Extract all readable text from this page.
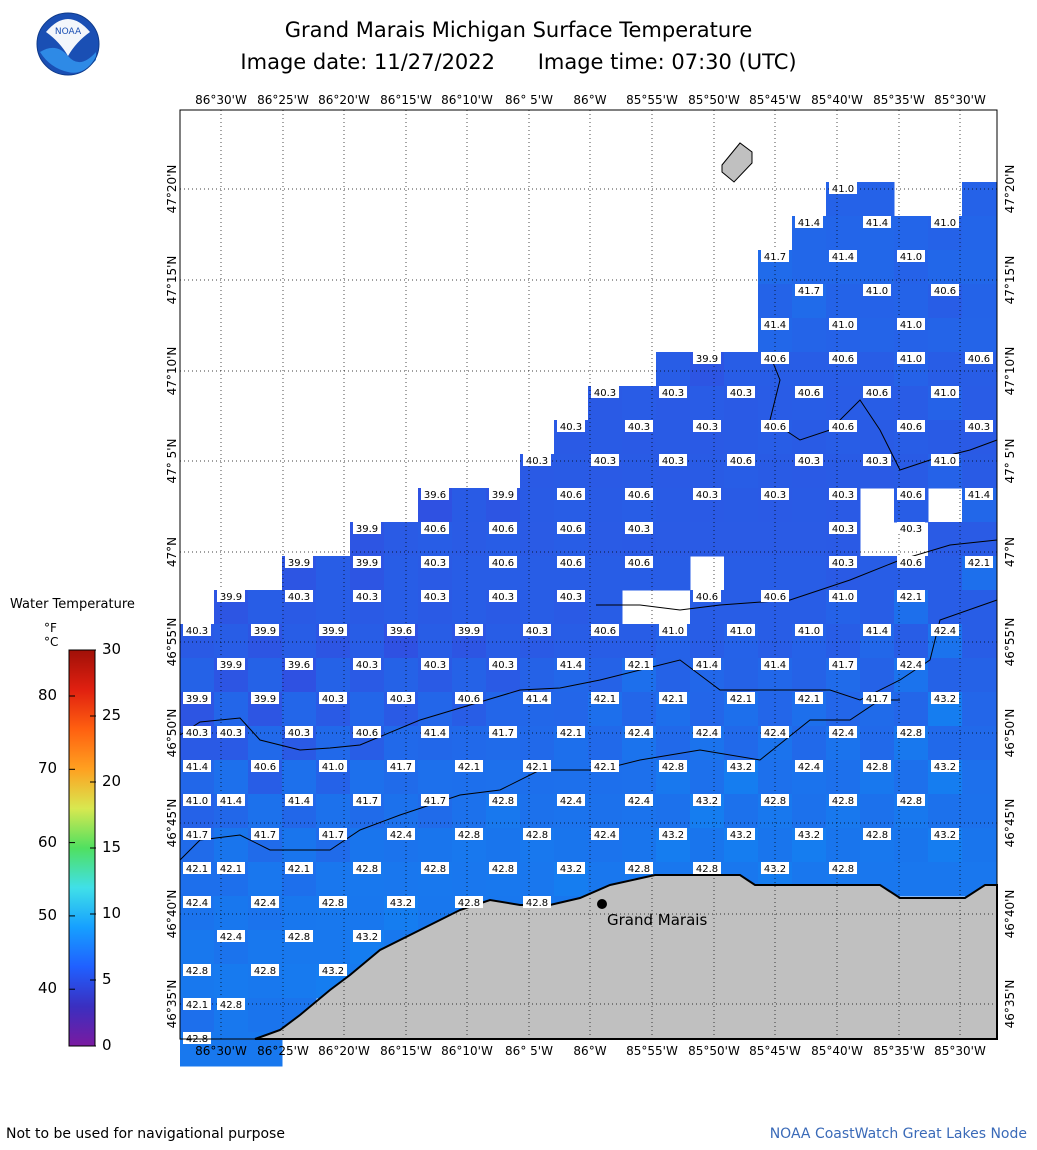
Grand Marais Michigan Surface Temperature
Image date: 11/27/2022 Image time: 07:30 (UTC)
NOAA
41.0
41.4	41.4	41.0
41.7	41.4	41.0
41.7	41.0	40.6
41.4	41.0	41.0
39.9	40.6	40.6	41.0	40.6
40.3	40.3	40.3	40.6	40.6	41.0
40.3	40.3	40.3	40.6	40.6	40.6	40.3
40.3	40.3	40.3	40.6	40.3	40.3	41.0
39.6	39.9	40.6	40.6	40.3	40.3	40.3	40.6	41.4
39.9	40.6	40.6	40.6	40.3	40.3	40.3
39.9	39.9	40.3	40.6	40.6	40.6	40.3	40.6	42.1
39.9	40.3	40.3	40.3	40.3	40.3	40.6	40.6	41.0	42.1
40.3	39.9	39.9	39.6	39.9	40.3	40.6	41.0	41.0	41.0	41.4	42.4
39.9	39.6	40.3	40.3	40.3	41.4	42.1	41.4	41.4	41.7	42.4
39.9	39.9	40.3	40.3	40.6	41.4	42.1	42.1	42.1	42.1	41.7	43.2
40.3 40.3	40.3	40.6	41.4	41.7	42.1	42.4	42.4	42.4	42.4	42.8
41.4	40.6	41.0	41.7	42.1	42.1	42.1	42.8	43.2	42.4	42.8	43.2
41.0 41.4	41.4	41.7	41.7	42.8	42.4	42.4	43.2	42.8	42.8	42.8
41.7	41.7	41.7	42.4	42.8	42.8	42.4	43.2	43.2	43.2	42.8	43.2
42.1 42.1	42.1	42.8	42.8	42.8	43.2	42.8	42.8	43.2	42.8
42.4	42.4	42.8	43.2	42.8	42.8
42.4	42.8	43.2
42.8	42.8	43.2
42.1 42.8
42.8
86°30'W
86°30'W
86°25'W
86°25'W
86°20'W
86°20'W
86°15'W
86°15'W
86°10'W
86°10'W
86° 5'W
86° 5'W
86°W
86°W
85°55'W
85°55'W
85°50'W
85°50'W
85°45'W
85°45'W
85°40'W
85°40'W
85°35'W
85°35'W
85°30'W
85°30'W
47°20'N	47°20'N
47°15'N	47°15'N
47°10'N	47°10'N
47° 5'N	47° 5'N
47°N	47°N
46°55'N	46°55'N
46°50'N	46°50'N
46°45'N	46°45'N
46°40'N	46°40'N
46°35'N	46°35'N
Grand Marais
Water Temperature
°F°C	30
25
20
15
10
5
0
80
70
60
50
40
Not to be used for navigational purpose	NOAA CoastWatch Great Lakes Node
